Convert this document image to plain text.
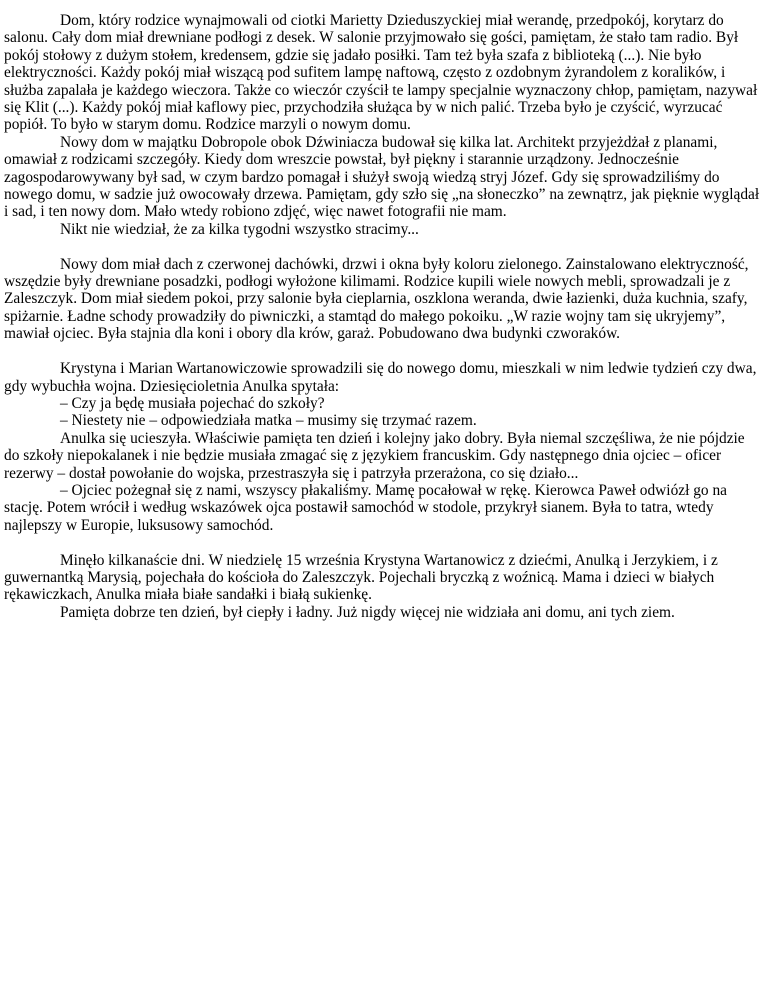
Dom, który rodzice wynajmowali od ciotki Marietty Dzieduszyckiej miał werandę, przedpokój, korytarz do salonu. Cały dom miał drewniane podłogi z desek. W salonie przyjmowało się gości, pamiętam, że stało tam radio. Był pokój stołowy z dużym stołem, kredensem, gdzie się jadało posiłki. Tam też była szafa z biblioteką (...). Nie było elektryczności. Każdy pokój miał wiszącą pod sufitem lampę naftową, często z ozdobnym żyrandolem z koralików, i służba zapalała je każdego wieczora. Także co wieczór czyścił te lampy specjalnie wyznaczony chłop, pamiętam, nazywał się Klit (...). Każdy pokój miał kaflowy piec, przychodziła służąca by w nich palić. Trzeba było je czyścić, wyrzucać popiół. To było w starym domu. Rodzice marzyli o nowym domu.

Nowy dom w majątku Dobropole obok Dźwiniacza budował się kilka lat. Architekt przyjeżdżał z planami, omawiał z rodzicami szczegóły. Kiedy dom wreszcie powstał, był piękny i starannie urządzony. Jednocześnie zagospodarowywany był sad, w czym bardzo pomagał i służył swoją wiedzą stryj Józef. Gdy się sprowadziliśmy do nowego domu, w sadzie już owocowały drzewa. Pamiętam, gdy szło się „na słoneczko” na zewnątrz, jak pięknie wyglądał i sad, i ten nowy dom. Mało wtedy robiono zdjęć, więc nawet fotografii nie mam.

Nikt nie wiedział, że za kilka tygodni wszystko stracimy...

Nowy dom miał dach z czerwonej dachówki, drzwi i okna były koloru zielonego. Zainstalowano elektryczność, wszędzie były drewniane posadzki, podłogi wyłożone kilimami. Rodzice kupili wiele nowych mebli, sprowadzali je z Zaleszczyk. Dom miał siedem pokoi, przy salonie była cieplarnia, oszklona weranda, dwie łazienki, duża kuchnia, szafy, spiżarnie. Ładne schody prowadziły do piwniczki, a stamtąd do małego pokoiku. „W razie wojny tam się ukryjemy”, mawiał ojciec. Była stajnia dla koni i obory dla krów, garaż. Pobudowano dwa budynki czworaków.

Krystyna i Marian Wartanowiczowie sprowadzili się do nowego domu, mieszkali w nim ledwie tydzień czy dwa, gdy wybuchła wojna. Dziesięcioletnia Anulka spytała:

– Czy ja będę musiała pojechać do szkoły?

– Niestety nie – odpowiedziała matka – musimy się trzymać razem.

Anulka się ucieszyła. Właściwie pamięta ten dzień i kolejny jako dobry. Była niemal szczęśliwa, że nie pójdzie do szkoły niepokalanek i nie będzie musiała zmagać się z językiem francuskim. Gdy następnego dnia ojciec – oficer rezerwy – dostał powołanie do wojska, przestraszyła się i patrzyła przerażona, co się działo...

– Ojciec pożegnał się z nami, wszyscy płakaliśmy. Mamę pocałował w rękę. Kierowca Paweł odwiózł go na stację. Potem wrócił i według wskazówek ojca postawił samochód w stodole, przykrył sianem. Była to tatra, wtedy najlepszy w Europie, luksusowy samochód.

Minęło kilkanaście dni. W niedzielę 15 września Krystyna Wartanowicz z dziećmi, Anulką i Jerzykiem, i z guwernantką Marysią, pojechała do kościoła do Zaleszczyk. Pojechali bryczką z woźnicą. Mama i dzieci w białych rękawiczkach, Anulka miała białe sandałki i białą sukienkę.

Pamięta dobrze ten dzień, był ciepły i ładny. Już nigdy więcej nie widziała ani domu, ani tych ziem.
